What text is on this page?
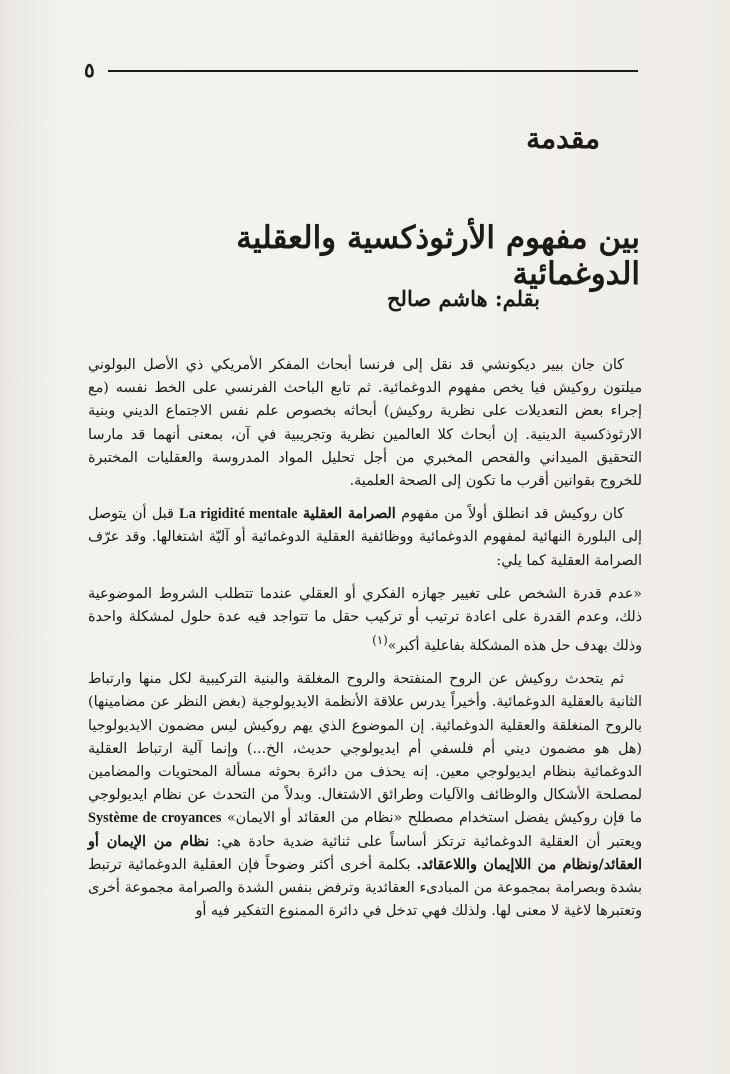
٥
مقدمة
بين مفهوم الأرثوذكسية والعقلية الدوغمائية
بقلم: هاشم صالح

كان جان بيير ديكونشي قد نقل إلى فرنسا أبحاث المفكر الأمريكي ذي الأصل البولوني ميلتون روكيش فيا يخص مفهوم الدوغمائية. ثم تابع الباحث الفرنسي على الخط نفسه (مع إجراء بعض التعديلات على نظرية روكيش) أبحاثه بخصوص علم نفس الاجتماع الديني وبنية الارثوذكسية الدينية. إن أبحاث كلا العالمين نظرية وتجريبية في آن، بمعنى أنهما قد مارسا التحقيق الميداني والفحص المخبري من أجل تحليل المواد المدروسة والعقليات المختبرة للخروج بقوانين أقرب ما تكون إلى الصحة العلمية.

كان روكيش قد انطلق أولاً من مفهوم الصرامة العقلية La rigidité mentale قبل أن يتوصل إلى البلورة النهائية لمفهوم الدوغمائية ووظائفية العقلية الدوغمائية أو آليّة اشتغالها. وقد عرّف الصرامة العقلية كما يلي:

«عدم قدرة الشخص على تغيير جهازه الفكري أو العقلي عندما تتطلب الشروط الموضوعية ذلك، وعدم القدرة على اعادة ترتيب أو تركيب حقل ما تتواجد فيه عدة حلول لمشكلة واحدة وذلك بهدف حل هذه المشكلة بفاعلية أكبر»$^{(١)}$

ثم يتحدث روكيش عن الروح المنفتحة والروح المغلقة والبنية التركيبية لكل منها وارتباط الثانية بالعقلية الدوغمائية. وأخيراً يدرس علاقة الأنظمة الايديولوجية (بغض النظر عن مضامينها) بالروح المنغلقة والعقلية الدوغمائية. إن الموضوع الذي يهم روكيش ليس مضمون الايديولوجيا (هل هو مضمون ديني أم فلسفي أم ايديولوجي حديث، الخ...) وإنما آلية ارتباط العقلية الدوغمائية بنظام ايديولوجي معين. إنه يحذف من دائرة بحوثه مسألة المحتويات والمضامين لمصلحة الأشكال والوظائف والآليات وطرائق الاشتغال. وبدلاً من التحدث عن نظام ايديولوجي ما فإن روكيش يفضل استخدام مصطلح «نظام من العقائد أو الايمان» Système de croyances ويعتبر أن العقلية الدوغمائية ترتكز أساساً على ثنائية ضدية حادة هي: نظام من الإيمان أو العقائد/ونظام من اللاإيمان واللاعقائد. بكلمة أخرى أكثر وضوحاً فإن العقلية الدوغمائية ترتبط بشدة وبصرامة بمجموعة من المبادىء العقائدية وترفض بنفس الشدة والصرامة مجموعة أخرى وتعتبرها لاغية لا معنى لها. ولذلك فهي تدخل في دائرة الممنوع التفكير فيه أو
